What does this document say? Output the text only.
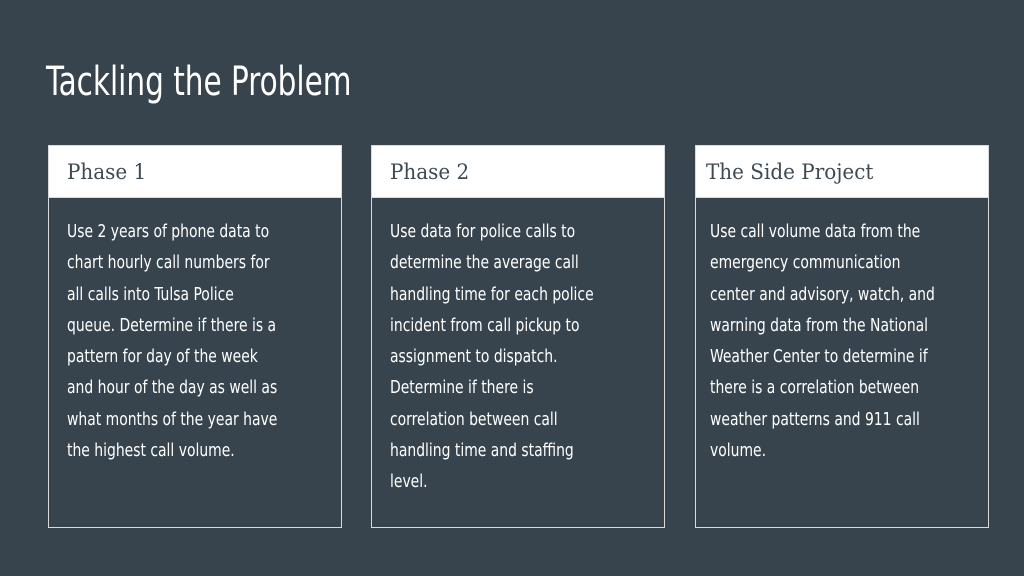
Tackling the Problem
Phase 1
Use 2 years of phone data to
chart hourly call numbers for
all calls into Tulsa Police
queue. Determine if there is a
pattern for day of the week
and hour of the day as well as
what months of the year have
the highest call volume.
Phase 2
Use data for police calls to
determine the average call
handling time for each police
incident from call pickup to
assignment to dispatch.
Determine if there is
correlation between call
handling time and staffing
level.
The Side Project
Use call volume data from the
emergency communication
center and advisory, watch, and
warning data from the National
Weather Center to determine if
there is a correlation between
weather patterns and 911 call
volume.
